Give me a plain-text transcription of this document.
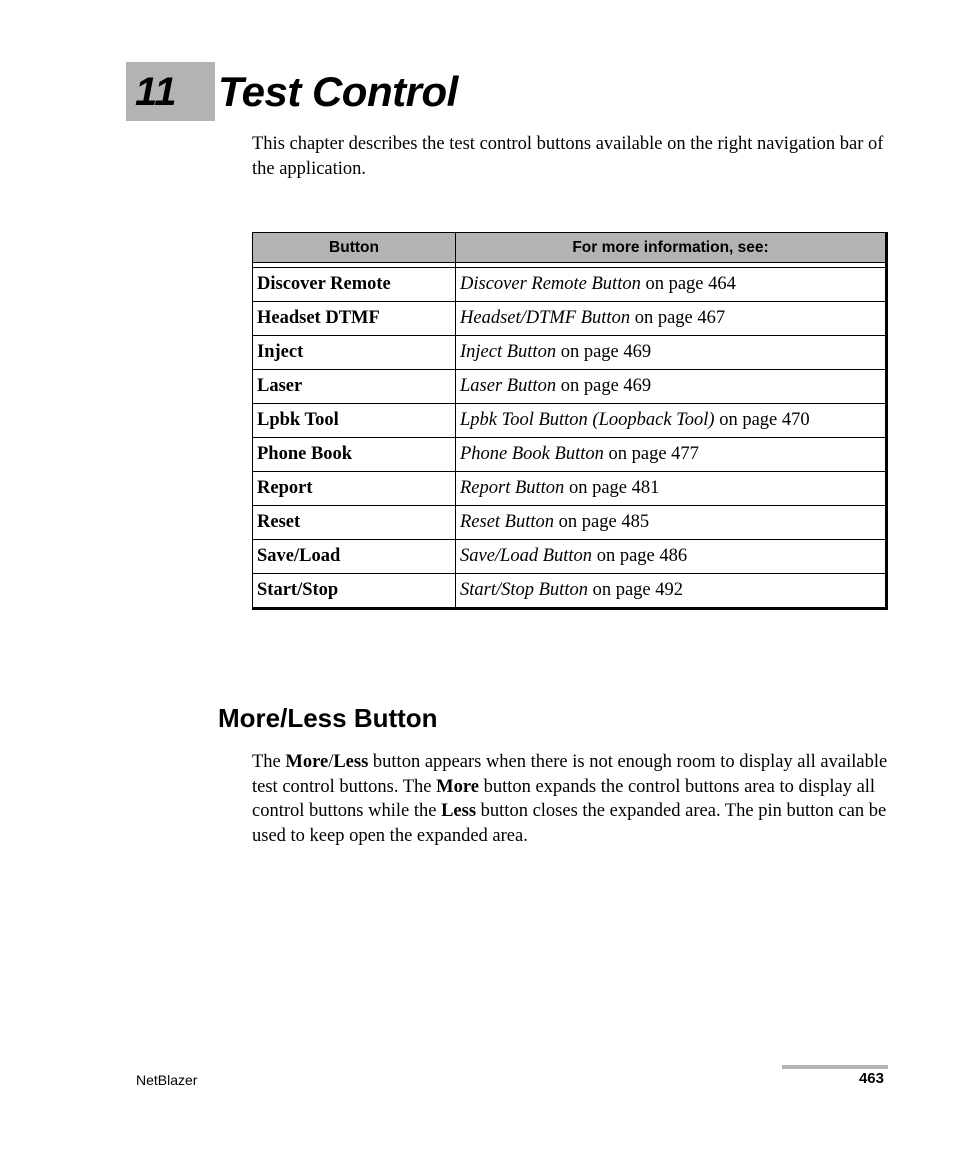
11 Test Control

This chapter describes the test control buttons available on the right navigation bar of the application.

Button	For more information, see:

Discover Remote	Discover Remote Button on page 464
Headset DTMF	Headset/DTMF Button on page 467
Inject	Inject Button on page 469
Laser	Laser Button on page 469
Lpbk Tool	Lpbk Tool Button (Loopback Tool) on page 470
Phone Book	Phone Book Button on page 477
Report	Report Button on page 481
Reset	Reset Button on page 485
Save/Load	Save/Load Button on page 486
Start/Stop	Start/Stop Button on page 492
More/Less Button

The More/Less button appears when there is not enough room to display all available test control buttons. The More button expands the control buttons area to display all control buttons while the Less button closes the expanded area. The pin button can be used to keep open the expanded area.

NetBlazer	463
